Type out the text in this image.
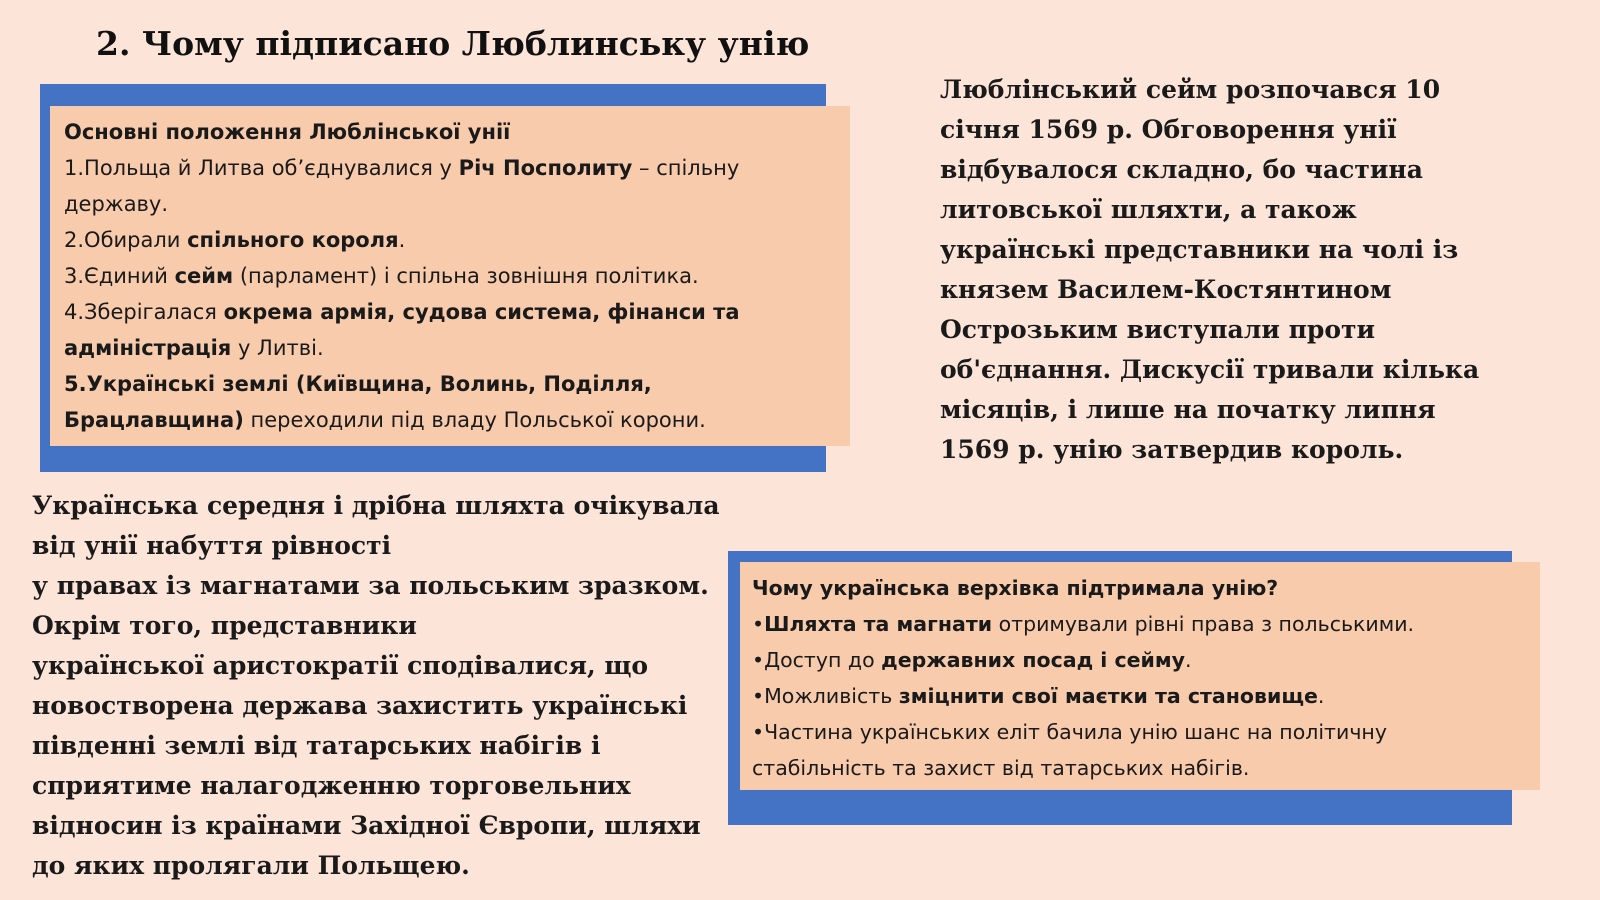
2. Чому підписано Люблинську унію
Основні положення Люблінської унії
1.Польща й Литва об’єднувалися у Річ Посполиту – спільну
державу.
2.Обирали спільного короля.
3.Єдиний сейм (парламент) і спільна зовнішня політика.
4.Зберігалася окрема армія, судова система, фінанси та
адміністрація у Литві.
5.Українські землі (Київщина, Волинь, Поділля,
Брацлавщина) переходили під владу Польської корони.
Люблінський сейм розпочався 10
січня 1569 р. Обговорення унії
відбувалося складно, бо частина
литовської шляхти, а також
українські представники на чолі із
князем Василем-Костянтином
Острозьким виступали проти
об'єднання. Дискусії тривали кілька
місяців, і лише на початку липня
1569 р. унію затвердив король.
Українська середня і дрібна шляхта очікувала
від унії набуття рівності
у правах із магнатами за польським зразком.
Окрім того, представники
української аристократії сподівалися, що
новостворена держава захистить українські
південні землі від татарських набігів і
сприятиме налагодженню торговельних
відносин із країнами Західної Європи, шляхи
до яких пролягали Польщею.
Чому українська верхівка підтримала унію?
•Шляхта та магнати отримували рівні права з польськими.
•Доступ до державних посад і сейму.
•Можливість зміцнити свої маєтки та становище.
•Частина українських еліт бачила унію шанс на політичну
стабільність та захист від татарських набігів.
